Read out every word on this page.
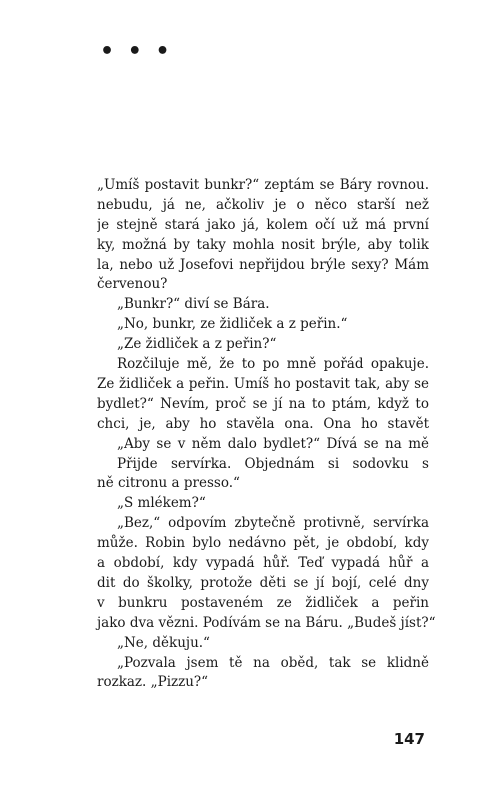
• • •
„Umíš postavit bunkr?“ zeptám se Báry rovnou.
nebudu, já ne, ačkoliv je o něco starší než
je stejně stará jako já, kolem očí už má první
ky, možná by taky mohla nosit brýle, aby tolik
la, nebo už Josefovi nepřijdou brýle sexy? Mám
červenou?
„Bunkr?“ diví se Bára.
„No, bunkr, ze židliček a z peřin.“
„Ze židliček a z peřin?“
Rozčiluje mě, že to po mně pořád opakuje.
Ze židliček a peřin. Umíš ho postavit tak, aby se
bydlet?“ Nevím, proč se jí na to ptám, když to
chci, je, aby ho stavěla ona. Ona ho stavět
„Aby se v něm dalo bydlet?“ Dívá se na mě
Přijde servírka. Objednám si sodovku s
ně citronu a presso.“
„S mlékem?“
„Bez,“ odpovím zbytečně protivně, servírka
může. Robin bylo nedávno pět, je období, kdy
a období, kdy vypadá hůř. Teď vypadá hůř a
dit do školky, protože děti se jí bojí, celé dny
v bunkru postaveném ze židliček a peřin
jako dva vězni. Podívám se na Báru. „Budeš jíst?“
„Ne, děkuju.“
„Pozvala jsem tě na oběd, tak se klidně
rozkaz. „Pizzu?“
147
